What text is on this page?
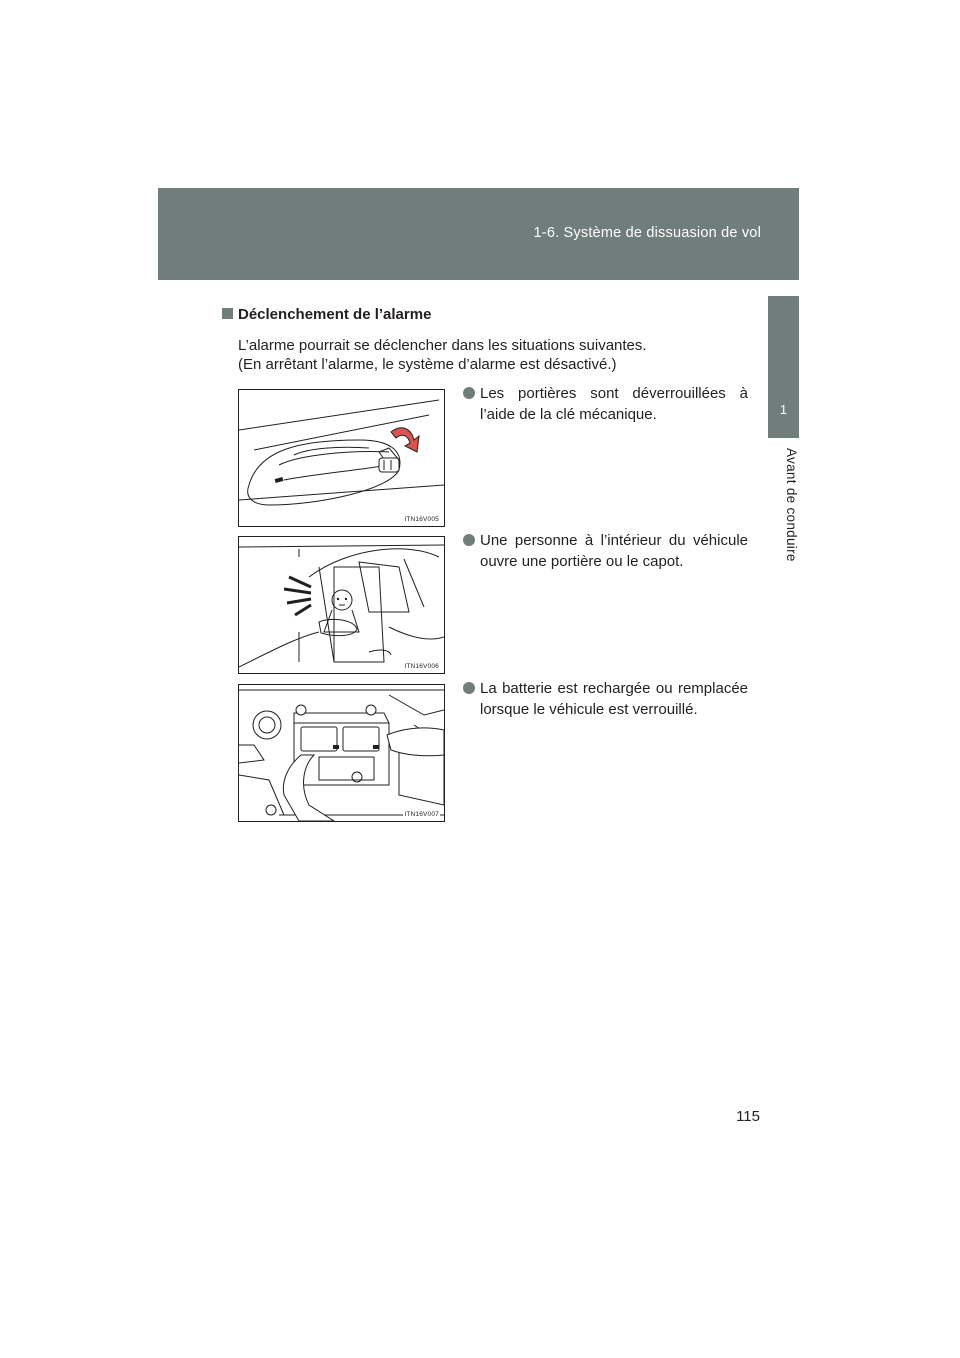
1-6. Système de dissuasion de vol
1
Avant de conduire
Déclenchement de l’alarme

L’alarme pourrait se déclencher dans les situations suivantes.

(En arrêtant l’alarme, le système d’alarme est désactivé.)

ITN16V005
Les portières sont déverrouillées à l’aide de la clé mécanique.
ITN16V006
Une personne à l’intérieur du véhicule ouvre une portière ou le capot.
ITN16V007
La batterie est rechargée ou remplacée lorsque le véhicule est verrouillé.
115
